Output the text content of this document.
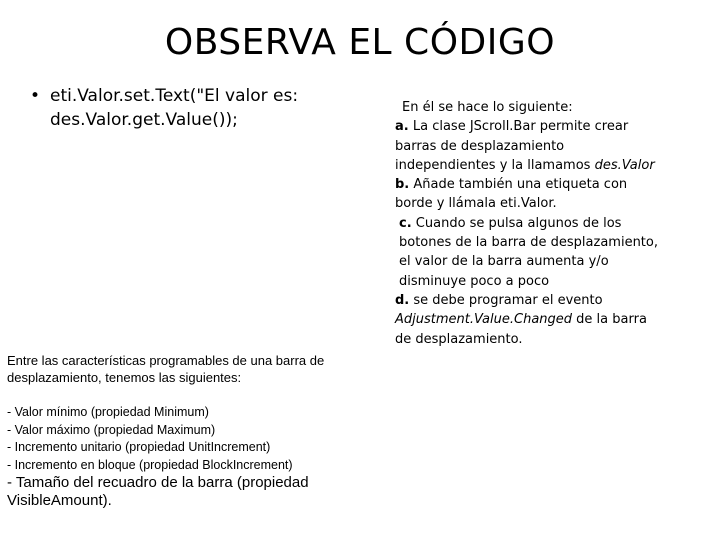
OBSERVA EL CÓDIGO
• eti.Valor.set.Text("El valor es: des.Valor.get.Value());

Entre las características programables de una barra de desplazamiento, tenemos las siguientes:

- Valor mínimo (propiedad Minimum)
- Valor máximo (propiedad Maximum)
- Incremento unitario (propiedad UnitIncrement)
- Incremento en bloque (propiedad BlockIncrement)
- Tamaño del recuadro de la barra (propiedad VisibleAmount).

En él se hace lo siguiente:

a. La clase JScroll.Bar permite crear barras de desplazamiento independientes y la llamamos des.Valor

b. Añade también una etiqueta con borde y llámala eti.Valor.

c. Cuando se pulsa algunos de los botones de la barra de desplazamiento, el valor de la barra aumenta y/o disminuye poco a poco

d. se debe programar el evento Adjustment.Value.Changed de la barra de desplazamiento.
